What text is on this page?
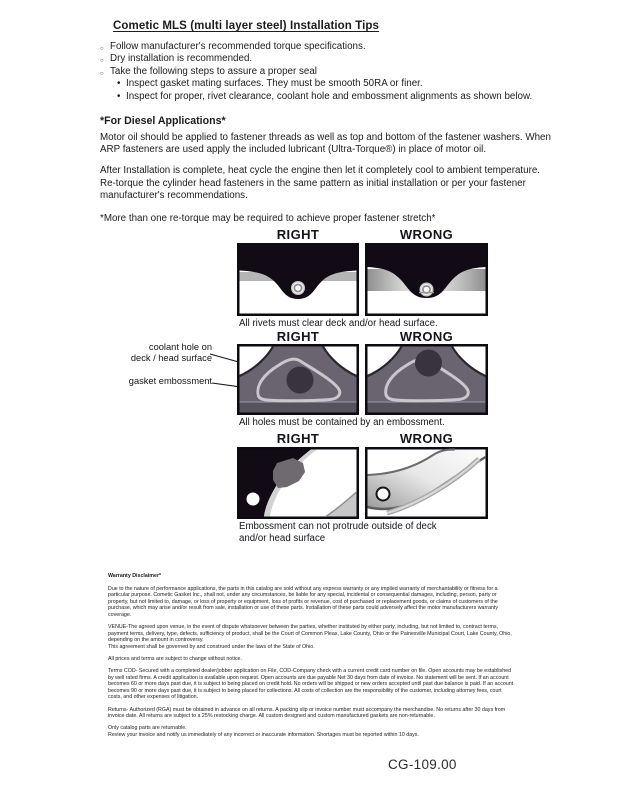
Cometic MLS (multi layer steel) Installation Tips
○ Follow manufacturer's recommended torque specifications.
○ Dry installation is recommended.
○ Take the following steps to assure a proper seal
• Inspect gasket mating surfaces. They must be smooth 50RA or finer.
• Inspect for proper, rivet clearance, coolant hole and embossment alignments as shown below.
*For Diesel Applications*

Motor oil should be applied to fastener threads as well as top and bottom of the fastener washers. When ARP fasteners are used apply the included lubricant (Ultra-Torque®) in place of motor oil.

After Installation is complete, heat cycle the engine then let it completely cool to ambient temperature. Re-torque the cylinder head fasteners in the same pattern as initial installation or per your fastener manufacturer's recommendations.

*More than one re-torque may be required to achieve proper fastener stretch*

RIGHT	WRONG
All rivets must clear deck and/or head surface.
RIGHT	WRONG
coolant hole on
deck / head surface
gasket embossment
All holes must be contained by an embossment.
RIGHT	WRONG
Embossment can not protrude outside of deck
and/or head surface

Warranty Disclaimer*

Due to the nature of performance applications, the parts in this catalog are sold without any express warranty or any implied warranty of merchantability or fitness for a particular purpose. Cometic Gasket Inc., shall not, under any circumstances, be liable for any special, incidental or consequential damages, including, person, party or property, but not limited to, damage, or loss of property or equipment, loss of profits or revenue, cost of purchased or replacement goods, or claims of customers of the purchase, which may arise and/or result from sale, installation or use of these parts. Installation of these parts could adversely affect the motor manufacturers warranty coverage.

VENUE-The agreed upon venue, in the event of dispute whatsoever between the parties, whether instituted by either party, including, but not limited to, contract terms, payment terms, delivery, type, defects, sufficiency of product, shall be the Court of Common Pleas, Lake County, Ohio or the Painesville Municipal Court, Lake County, Ohio, depending on the amount in controversy.

This agreement shall be governed by and construed under the laws of the State of Ohio.

All prices and terms are subject to change without notice.

Terms COD- Secured with a completed dealer/jobber application on File, COD-Company check with a current credit card number on file. Open accounts may be established by well rated firms. A credit application is available upon request. Open accounts are due payable Net 30 days from date of invoice. No statement will be sent. If an account becomes 60 or more days past due, it is subject to being placed on credit hold. No orders will be shipped or new orders accepted until past due balance is paid. If an account becomes 90 or more days past due, it is subject to being placed for collections. All costs of collection are the responsibility of the customer, including attorney fees, court costs, and other expenses of litigation.

Returns- Authorized (RGA) must be obtained in advance on all returns. A packing slip or invoice number must accompany the merchandise. No returns after 30 days from invoice date. All returns are subject to a 25% restocking charge. All custom designed and custom manufactured gaskets are non-returnable.

Only catalog parts are returnable.

Review your invoice and notify us immediately of any incorrect or inaccurate information. Shortages must be reported within 10 days.

CG-109.00
